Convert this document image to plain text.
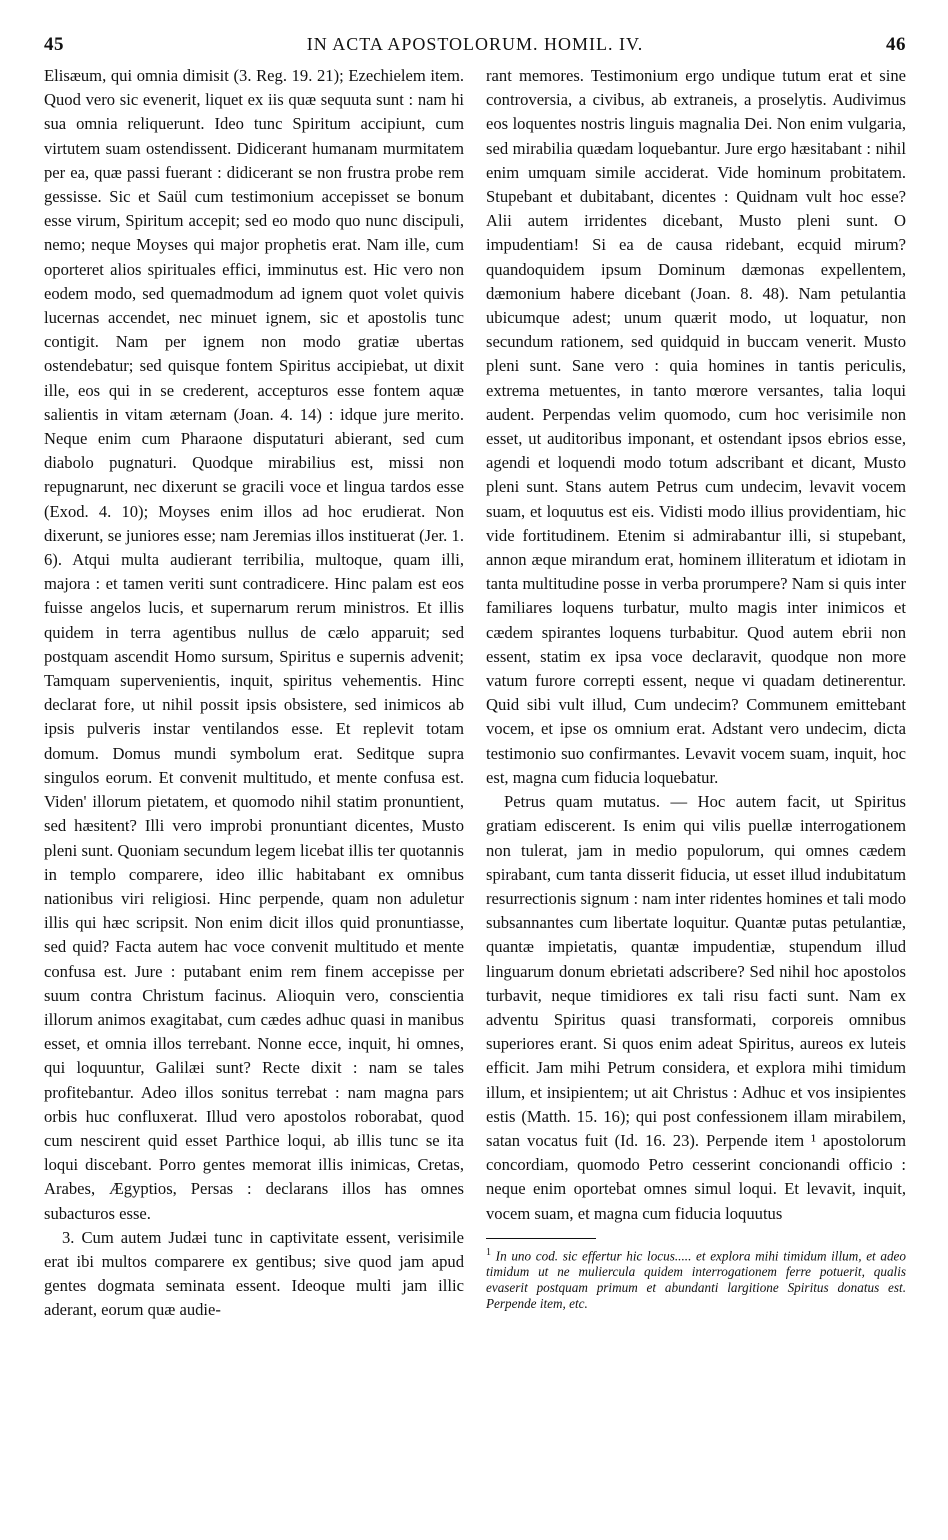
45	IN ACTA APOSTOLORUM. HOMIL. IV.	46

Elisæum, qui omnia dimisit (3. Reg. 19. 21); Ezechielem item. Quod vero sic evenerit, liquet ex iis quæ sequuta sunt : nam hi sua omnia reliquerunt. Ideo tunc Spiritum accipiunt, cum virtutem suam ostendissent. Didicerant humanam murmitatem per ea, quæ passi fuerant : didicerant se non frustra probe rem gessisse. Sic et Saül cum testimonium accepisset se bonum esse virum, Spiritum accepit; sed eo modo quo nunc discipuli, nemo; neque Moyses qui major prophetis erat. Nam ille, cum oporteret alios spirituales effici, imminutus est. Hic vero non eodem modo, sed quemadmodum ad ignem quot volet quivis lucernas accendet, nec minuet ignem, sic et apostolis tunc contigit. Nam per ignem non modo gratiæ ubertas ostendebatur; sed quisque fontem Spiritus accipiebat, ut dixit ille, eos qui in se crederent, accepturos esse fontem aquæ salientis in vitam æternam (Joan. 4. 14) : idque jure merito. Neque enim cum Pharaone disputaturi abierant, sed cum diabolo pugnaturi. Quodque mirabilius est, missi non repugnarunt, nec dixerunt se gracili voce et lingua tardos esse (Exod. 4. 10); Moyses enim illos ad hoc erudierat. Non dixerunt, se juniores esse; nam Jeremias illos instituerat (Jer. 1. 6). Atqui multa audierant terribilia, multoque, quam illi, majora : et tamen veriti sunt contradicere. Hinc palam est eos fuisse angelos lucis, et supernarum rerum ministros. Et illis quidem in terra agentibus nullus de cælo apparuit; sed postquam ascendit Homo sursum, Spiritus e supernis advenit; Tamquam supervenientis, inquit, spiritus vehementis. Hinc declarat fore, ut nihil possit ipsis obsistere, sed inimicos ab ipsis pulveris instar ventilandos esse. Et replevit totam domum. Domus mundi symbolum erat. Seditque supra singulos eorum. Et convenit multitudo, et mente confusa est. Viden' illorum pietatem, et quomodo nihil statim pronuntient, sed hæsitent? Illi vero improbi pronuntiant dicentes, Musto pleni sunt. Quoniam secundum legem licebat illis ter quotannis in templo comparere, ideo illic habitabant ex omnibus nationibus viri religiosi. Hinc perpende, quam non aduletur illis qui hæc scripsit. Non enim dicit illos quid pronuntiasse, sed quid? Facta autem hac voce convenit multitudo et mente confusa est. Jure : putabant enim rem finem accepisse per suum contra Christum facinus. Alioquin vero, conscientia illorum animos exagitabat, cum cædes adhuc quasi in manibus esset, et omnia illos terrebant. Nonne ecce, inquit, hi omnes, qui loquuntur, Galilæi sunt? Recte dixit : nam se tales profitebantur. Adeo illos sonitus terrebat : nam magna pars orbis huc confluxerat. Illud vero apostolos roborabat, quod cum nescirent quid esset Parthice loqui, ab illis tunc se ita loqui discebant. Porro gentes memorat illis inimicas, Cretas, Arabes, Ægyptios, Persas : declarans illos has omnes subacturos esse.

3. Cum autem Judæi tunc in captivitate essent, verisimile erat ibi multos comparere ex gentibus; sive quod jam apud gentes dogmata seminata essent. Ideoque multi jam illic aderant, eorum quæ audie-

rant memores. Testimonium ergo undique tutum erat et sine controversia, a civibus, ab extraneis, a proselytis. Audivimus eos loquentes nostris linguis magnalia Dei. Non enim vulgaria, sed mirabilia quædam loquebantur. Jure ergo hæsitabant : nihil enim umquam simile acciderat. Vide hominum probitatem. Stupebant et dubitabant, dicentes : Quidnam vult hoc esse? Alii autem irridentes dicebant, Musto pleni sunt. O impudentiam! Si ea de causa ridebant, ecquid mirum? quandoquidem ipsum Dominum dæmonas expellentem, dæmonium habere dicebant (Joan. 8. 48). Nam petulantia ubicumque adest; unum quærit modo, ut loquatur, non secundum rationem, sed quidquid in buccam venerit. Musto pleni sunt. Sane vero : quia homines in tantis periculis, extrema metuentes, in tanto mœrore versantes, talia loqui audent. Perpendas velim quomodo, cum hoc verisimile non esset, ut auditoribus imponant, et ostendant ipsos ebrios esse, agendi et loquendi modo totum adscribant et dicant, Musto pleni sunt. Stans autem Petrus cum undecim, levavit vocem suam, et loquutus est eis. Vidisti modo illius providentiam, hic vide fortitudinem. Etenim si admirabantur illi, si stupebant, annon æque mirandum erat, hominem illiteratum et idiotam in tanta multitudine posse in verba prorumpere? Nam si quis inter familiares loquens turbatur, multo magis inter inimicos et cædem spirantes loquens turbabitur. Quod autem ebrii non essent, statim ex ipsa voce declaravit, quodque non more vatum furore correpti essent, neque vi quadam detinerentur. Quid sibi vult illud, Cum undecim? Communem emittebant vocem, et ipse os omnium erat. Adstant vero undecim, dicta testimonio suo confirmantes. Levavit vocem suam, inquit, hoc est, magna cum fiducia loquebatur.

Petrus quam mutatus. — Hoc autem facit, ut Spiritus gratiam ediscerent. Is enim qui vilis puellæ interrogationem non tulerat, jam in medio populorum, qui omnes cædem spirabant, cum tanta disserit fiducia, ut esset illud indubitatum resurrectionis signum : nam inter ridentes homines et tali modo subsannantes cum libertate loquitur. Quantæ putas petulantiæ, quantæ impietatis, quantæ impudentiæ, stupendum illud linguarum donum ebrietati adscribere? Sed nihil hoc apostolos turbavit, neque timidiores ex tali risu facti sunt. Nam ex adventu Spiritus quasi transformati, corporeis omnibus superiores erant. Si quos enim adeat Spiritus, aureos ex luteis efficit. Jam mihi Petrum considera, et explora mihi timidum illum, et insipientem; ut ait Christus : Adhuc et vos insipientes estis (Matth. 15. 16); qui post confessionem illam mirabilem, satan vocatus fuit (Id. 16. 23). Perpende item ¹ apostolorum concordiam, quomodo Petro cesserint concionandi officio : neque enim oportebat omnes simul loqui. Et levavit, inquit, vocem suam, et magna cum fiducia loquutus

$^1$ In uno cod. sic effertur hic locus..... et explora mihi timidum illum, et adeo timidum ut ne muliercula quidem interrogationem ferre potuerit, qualis evaserit postquam primum et abundanti largitione Spiritus donatus est. Perpende item, etc.
